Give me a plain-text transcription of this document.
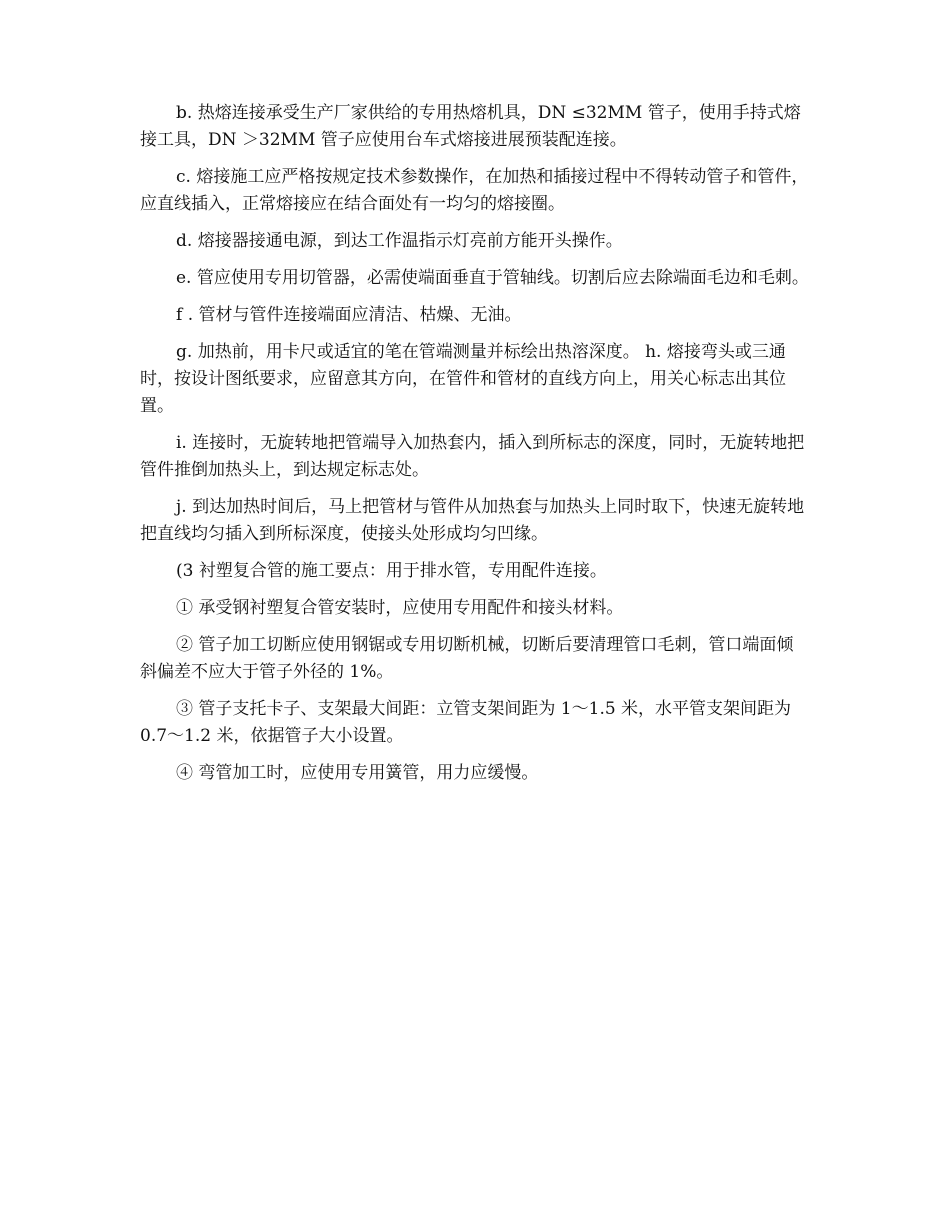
b. 热熔连接承受生产厂家供给的专用热熔机具，DN ≤32MM 管子，使用手持式熔接工具，DN ＞32MM 管子应使用台车式熔接进展预装配连接。

c. 熔接施工应严格按规定技术参数操作，在加热和插接过程中不得转动管子和管件，应直线插入，正常熔接应在结合面处有一均匀的熔接圈。

d. 熔接器接通电源，到达工作温指示灯亮前方能开头操作。

e. 管应使用专用切管器，必需使端面垂直于管轴线。切割后应去除端面毛边和毛刺。

f . 管材与管件连接端面应清洁、枯燥、无油。

g. 加热前，用卡尺或适宜的笔在管端测量并标绘出热溶深度。 h. 熔接弯头或三通时，按设计图纸要求，应留意其方向，在管件和管材的直线方向上，用关心标志出其位置。

i. 连接时，无旋转地把管端导入加热套内，插入到所标志的深度，同时，无旋转地把管件推倒加热头上，到达规定标志处。

j. 到达加热时间后，马上把管材与管件从加热套与加热头上同时取下，快速无旋转地把直线均匀插入到所标深度，使接头处形成均匀凹缘。

(3 衬塑复合管的施工要点：用于排水管，专用配件连接。

① 承受钢衬塑复合管安装时，应使用专用配件和接头材料。

② 管子加工切断应使用钢锯或专用切断机械，切断后要清理管口毛刺，管口端面倾斜偏差不应大于管子外径的 1%。

③ 管子支托卡子、支架最大间距：立管支架间距为 1～1.5 米，水平管支架间距为 0.7～1.2 米，依据管子大小设置。

④ 弯管加工时，应使用专用簧管，用力应缓慢。
